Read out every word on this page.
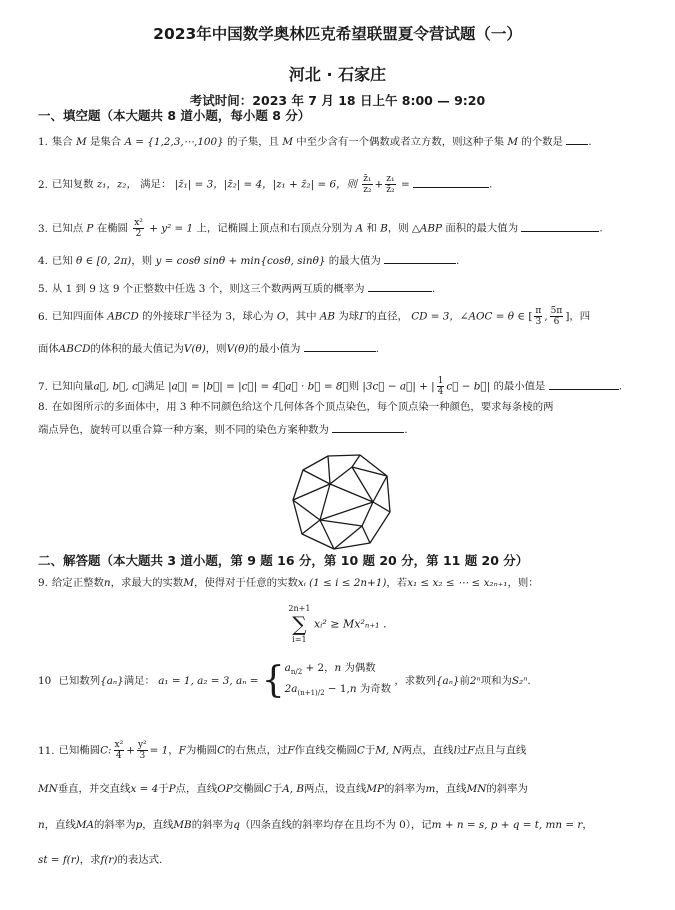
2023年中国数学奥林匹克希望联盟夏令营试题（一）
河北 · 石家庄
考试时间：2023 年 7 月 18 日上午 8:00 — 9:20
一、填空题（本大题共 8 道小题，每小题 8 分）
1. 集合 M 是集合 A = {1,2,3,⋯,100} 的子集，且 M 中至少含有一个偶数或者立方数，则这种子集 M 的个数是 .
2. 已知复数 z₁，z₂， 满足： |z̄₁| = 3，|z̄₂| = 4，|z₁ + z̄₂| = 6，则 $\frac{\text{z̄₁}}{\text{z₂}} + \frac{\text{z₁}}{\text{z̄₂}}$ =	.
3. 已知点 P 在椭圆 $\frac{\text{x²}}{2} + y^2 = 1$ 上，记椭圆上顶点和右顶点分别为 A 和 B，则 △ABP 面积的最大值为	.
4. 已知 θ ∈ [0, 2π)，则 y = cosθ sinθ + min{cosθ, sinθ} 的最大值为	.
5. 从 1 到 9 这 9 个正整数中任选 3 个，则这三个数两两互质的概率为	.
6. 已知四面体 ABCD 的外接球Γ半径为 3，球心为 O，其中 AB 为球Γ的直径， CD = 3，∠AOC = θ ∈ [ $\frac{\pi}{3}$ , $\frac{5\pi}{6}$ ]，四
面体ABCD的体积的最大值记为V(θ)，则V(θ)的最小值为	.
7. 已知向量a⃗, b⃗, c⃗满足 |a⃗| = |b⃗| = |c⃗| = 4，a⃗ · b⃗ = 8，则 |3c⃗ − a⃗| + | $\frac{1}{4}$ c⃗ − b⃗| 的最小值是	.
8. 在如图所示的多面体中，用 3 种不同颜色给这个几何体各个顶点染色，每个顶点染一种颜色，要求每条棱的两
端点异色，旋转可以重合算一种方案，则不同的染色方案种数为	.
二、解答题（本大题共 3 道小题，第 9 题 16 分，第 10 题 20 分，第 11 题 20 分）
9. 给定正整数n，求最大的实数M，使得对于任意的实数xᵢ (1 ≤ i ≤ 2n+1)，若x₁ ≤ x₂ ≤ ⋯ ≤ x₂ₙ₊₁，则：
2n+1
∑
i=1
xᵢ² ≥ Mx²ₙ₊₁ .
10 已知数列{aₙ}满足： a₁ = 1, a₂ = 3, aₙ = { $a_{n/2} + 2$，n 为偶数
$2a_{(n+1)/2} - 1,n$ 为奇数
，求数列{aₙ}前2ⁿ项和为S₂ⁿ.
11. 已知椭圆C: $\frac{\text{x²}}{4} + \frac{\text{y²}}{3} = 1$，F为椭圆C的右焦点，过F作直线交椭圆C于M, N两点，直线l过F点且与直线
MN垂直，并交直线x = 4于P点，直线OP交椭圆C于A, B两点，设直线MP的斜率为m，直线MN的斜率为
n，直线MA的斜率为p，直线MB的斜率为q（四条直线的斜率均存在且均不为 0），记m + n = s, p + q = t, mn = r，
st = f(r)，求f(r)的表达式.
